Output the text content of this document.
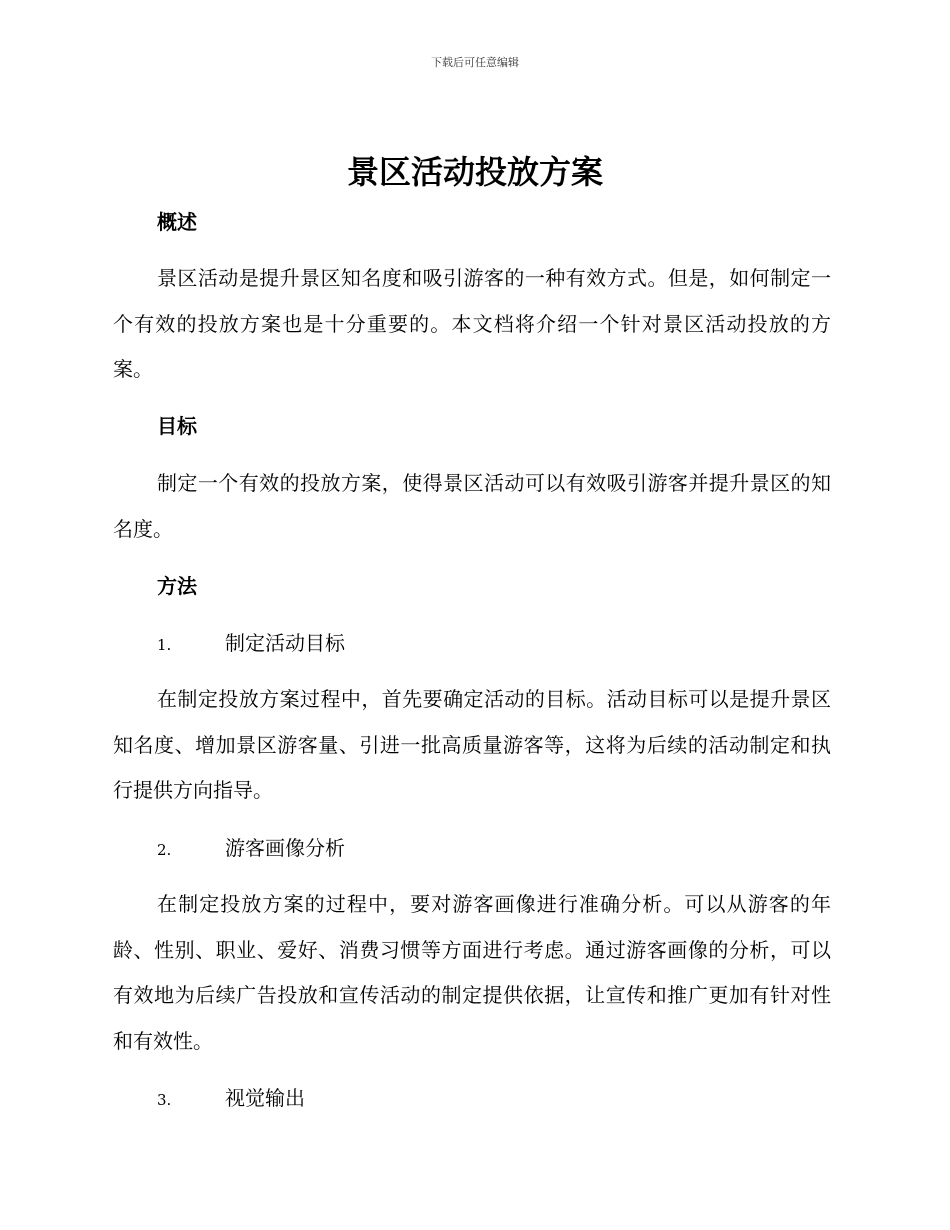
下载后可任意编辑
景区活动投放方案
概述

景区活动是提升景区知名度和吸引游客的一种有效方式。但是，如何制定一个有效的投放方案也是十分重要的。本文档将介绍一个针对景区活动投放的方案。

目标

制定一个有效的投放方案，使得景区活动可以有效吸引游客并提升景区的知名度。

方法
1.	制定活动目标

在制定投放方案过程中，首先要确定活动的目标。活动目标可以是提升景区知名度、增加景区游客量、引进一批高质量游客等，这将为后续的活动制定和执行提供方向指导。

2.	游客画像分析

在制定投放方案的过程中，要对游客画像进行准确分析。可以从游客的年龄、性别、职业、爱好、消费习惯等方面进行考虑。通过游客画像的分析，可以有效地为后续广告投放和宣传活动的制定提供依据，让宣传和推广更加有针对性和有效性。

3.	视觉输出
